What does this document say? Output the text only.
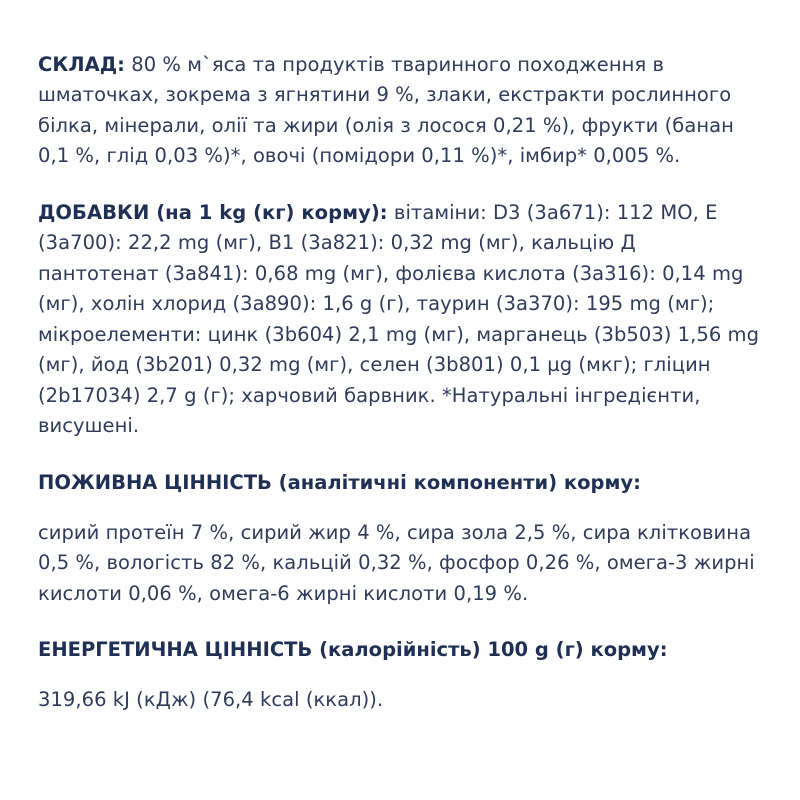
СКЛАД: 80 % м`яса та продуктів тваринного походження в шматочках, зокрема з ягнятини 9 %, злаки, екстракти рослинного білка, мінерали, олії та жири (олія з лосося 0,21 %), фрукти (банан 0,1 %, глід 0,03 %)*, овочі (помідори 0,11 %)*, імбир* 0,005 %.

ДОБАВКИ (на 1 kg (кг) корму): вітаміни: D3 (3a671): 112 МО, Е (3a700): 22,2 mg (мг), В1 (3a821): 0,32 mg (мг), кальцію Д пантотенат (3a841): 0,68 mg (мг), фолієва кислота (3a316): 0,14 mg (мг), холін хлорид (3a890): 1,6 g (г), таурин (3a370): 195 mg (мг); мікроелементи: цинк (3b604) 2,1 mg (мг), марганець (3b503) 1,56 mg (мг), йод (3b201) 0,32 mg (мг), селен (3b801) 0,1 µg (мкг); гліцин (2b17034) 2,7 g (г); харчовий барвник. *Натуральні інгредієнти, висушені.

ПОЖИВНА ЦІННІСТЬ (аналітичні компоненти) корму:

сирий протеїн 7 %, сирий жир 4 %, сира зола 2,5 %, сира клітковина 0,5 %, вологість 82 %, кальцій 0,32 %, фосфор 0,26 %, омега-3 жирні кислоти 0,06 %, омега-6 жирні кислоти 0,19 %.

ЕНЕРГЕТИЧНА ЦІННІСТЬ (калорійність) 100 g (г) корму:

319,66 kJ (кДж) (76,4 kcal (ккал)).
